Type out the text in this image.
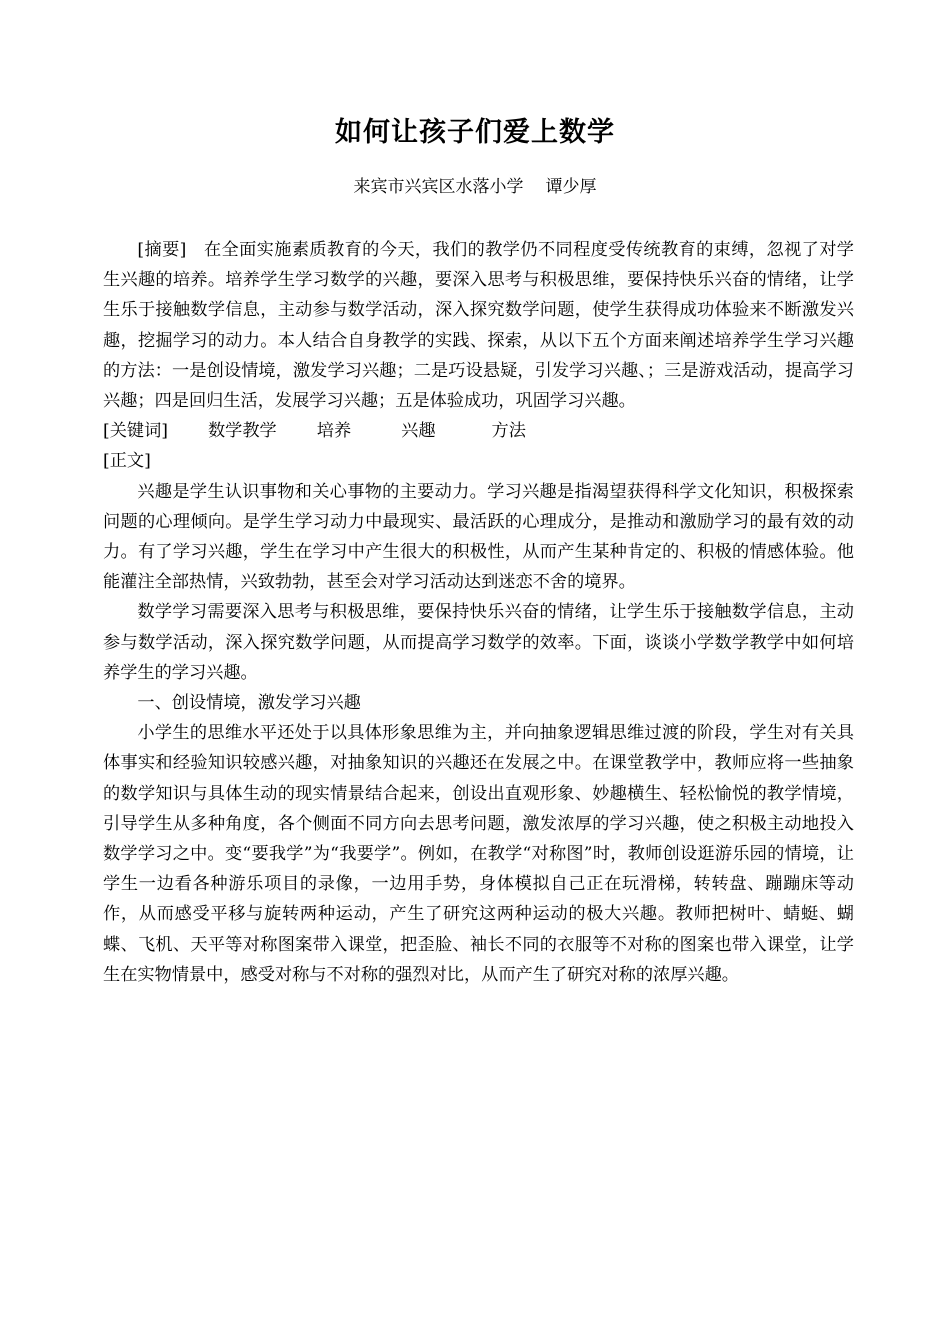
如何让孩子们爱上数学
来宾市兴宾区水落小学 谭少厚

[摘要] 在全面实施素质教育的今天，我们的教学仍不同程度受传统教育的束缚，忽视了对学生兴趣的培养。培养学生学习数学的兴趣，要深入思考与积极思维，要保持快乐兴奋的情绪，让学生乐于接触数学信息，主动参与数学活动，深入探究数学问题，使学生获得成功体验来不断激发兴趣，挖掘学习的动力。本人结合自身教学的实践、探索，从以下五个方面来阐述培养学生学习兴趣的方法：一是创设情境，激发学习兴趣；二是巧设悬疑，引发学习兴趣、；三是游戏活动，提高学习兴趣；四是回归生活，发展学习兴趣；五是体验成功，巩固学习兴趣。

[关键词] 数学教学 培养	兴趣	方法
[正文]

兴趣是学生认识事物和关心事物的主要动力。学习兴趣是指渴望获得科学文化知识，积极探索问题的心理倾向。是学生学习动力中最现实、最活跃的心理成分，是推动和激励学习的最有效的动力。有了学习兴趣，学生在学习中产生很大的积极性，从而产生某种肯定的、积极的情感体验。他能灌注全部热情，兴致勃勃，甚至会对学习活动达到迷恋不舍的境界。

数学学习需要深入思考与积极思维，要保持快乐兴奋的情绪，让学生乐于接触数学信息，主动参与数学活动，深入探究数学问题，从而提高学习数学的效率。下面，谈谈小学数学教学中如何培养学生的学习兴趣。

一、创设情境，激发学习兴趣

小学生的思维水平还处于以具体形象思维为主，并向抽象逻辑思维过渡的阶段，学生对有关具体事实和经验知识较感兴趣，对抽象知识的兴趣还在发展之中。在课堂教学中，教师应将一些抽象的数学知识与具体生动的现实情景结合起来，创设出直观形象、妙趣横生、轻松愉悦的教学情境，引导学生从多种角度，各个侧面不同方向去思考问题，激发浓厚的学习兴趣，使之积极主动地投入数学学习之中。变“要我学”为“我要学”。例如，在教学“对称图”时，教师创设逛游乐园的情境，让学生一边看各种游乐项目的录像，一边用手势，身体模拟自己正在玩滑梯，转转盘、蹦蹦床等动作，从而感受平移与旋转两种运动，产生了研究这两种运动的极大兴趣。教师把树叶、蜻蜓、蝴蝶、飞机、天平等对称图案带入课堂，把歪脸、袖长不同的衣服等不对称的图案也带入课堂，让学生在实物情景中，感受对称与不对称的强烈对比，从而产生了研究对称的浓厚兴趣。
